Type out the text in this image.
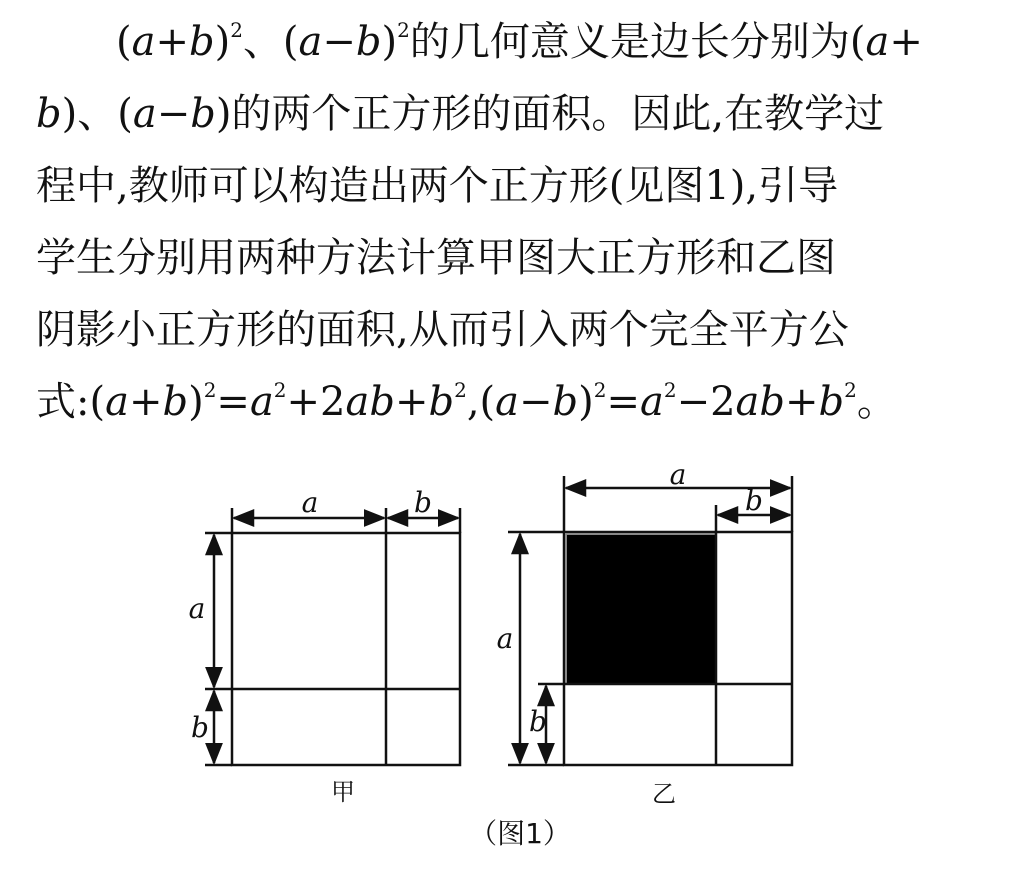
$(a+b)^2$、$(a-b)^2$的几何意义是边长分别为(a+
b)、(a−b)的两个正方形的面积。因此,在教学过
程中,教师可以构造出两个正方形(见图1),引导
学生分别用两种方法计算甲图大正方形和乙图
阴影小正方形的面积,从而引入两个完全平方公
式$:(a+b)^2=a^2+2ab+b^2,(a-b)^2=a^2-2ab+b^2$。
a	b
a
b
甲
a
b
a
b
乙
（图1）
